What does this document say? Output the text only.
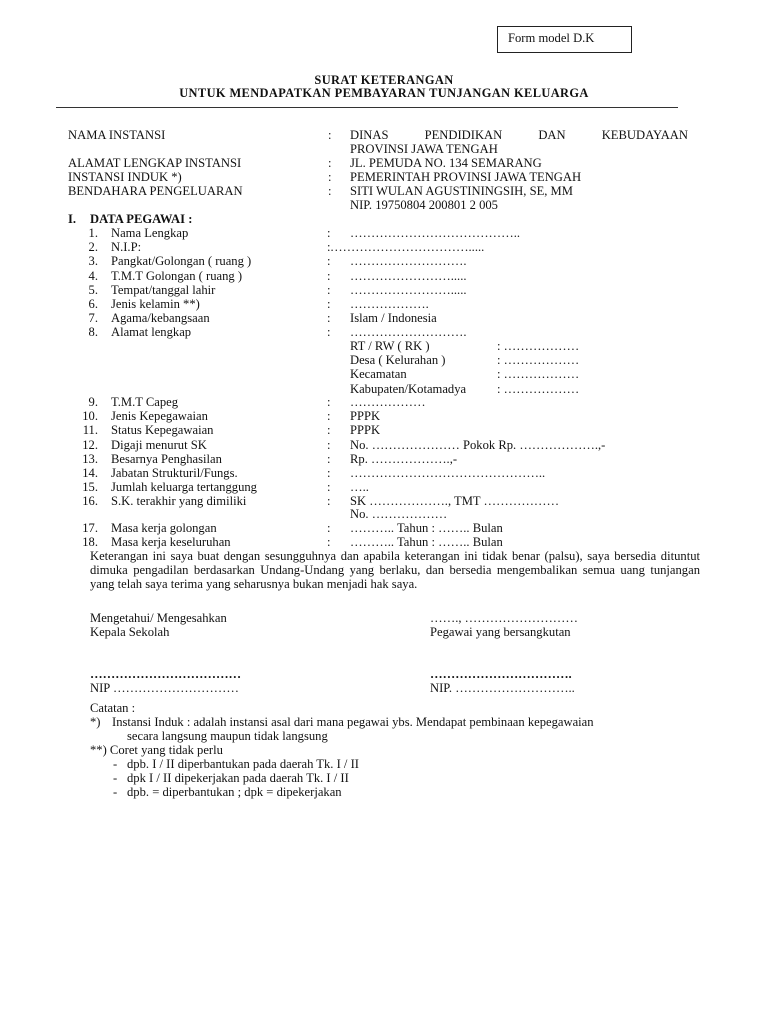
Form model D.K
SURAT KETERANGAN
UNTUK MENDAPATKAN PEMBAYARAN TUNJANGAN KELUARGA
NAMA INSTANSI	: DINAS PENDIDIKAN DAN KEBUDAYAAN
PROVINSI JAWA TENGAH
ALAMAT LENGKAP INSTANSI	: JL. PEMUDA NO. 134 SEMARANG
INSTANSI INDUK *)	: PEMERINTAH PROVINSI JAWA TENGAH
BENDAHARA PENGELUARAN	: SITI WULAN AGUSTININGSIH, SE, MM
NIP. 19750804 200801 2 005
I. DATA PEGAWAI :
1. Nama Lengkap	: …………………………………..
2. N.I.P:	: …………………………….....
3. Pangkat/Golongan ( ruang )	: ……………………….
4. T.M.T Golongan ( ruang )	: …………………….....
5. Tempat/tanggal lahir	: …………………….....
6. Jenis kelamin **)	: ……………….
7. Agama/kebangsaan	: Islam / Indonesia
8. Alamat lengkap	: ……………………….
RT / RW ( RK )	: ………………
Desa ( Kelurahan )	: ………………
Kecamatan	: ………………
Kabupaten/Kotamadya : ………………
9. T.M.T Capeg	: ………………
10. Jenis Kepegawaian	: PPPK
11. Status Kepegawaian	: PPPK
12. Digaji menurut SK	: No. ………………… Pokok Rp. ……………….,-
13. Besarnya Penghasilan	: Rp. ……………….,-
14. Jabatan Strukturil/Fungs.	: ………………………………………..
15. Jumlah keluarga tertanggung	: …..
16. S.K. terakhir yang dimiliki	: SK ………………., TMT ………………
No. ………………
17. Masa kerja golongan	: ……….. Tahun : …….. Bulan
18. Masa kerja keseluruhan	: ……….. Tahun : …….. Bulan
Keterangan ini saya buat dengan sesungguhnya dan apabila keterangan ini tidak benar (palsu), saya bersedia dituntut dimuka pengadilan berdasarkan Undang-Undang yang berlaku, dan bersedia mengembalikan semua uang tunjangan yang telah saya terima yang seharusnya bukan menjadi hak saya.
Mengetahui/ Mengesahkan
Kepala Sekolah
……., ………………………
Pegawai yang bersangkutan
………………………………	…………………………….
NIP …………………………	NIP. ………………………..
Catatan :
*) Instansi Induk : adalah instansi asal dari mana pegawai ybs. Mendapat pembinaan kepegawaian
secara langsung maupun tidak langsung
**) Coret yang tidak perlu
- dpb. I / II diperbantukan pada daerah Tk. I / II
- dpk I / II dipekerjakan pada daerah Tk. I / II
- dpb. = diperbantukan ; dpk = dipekerjakan
